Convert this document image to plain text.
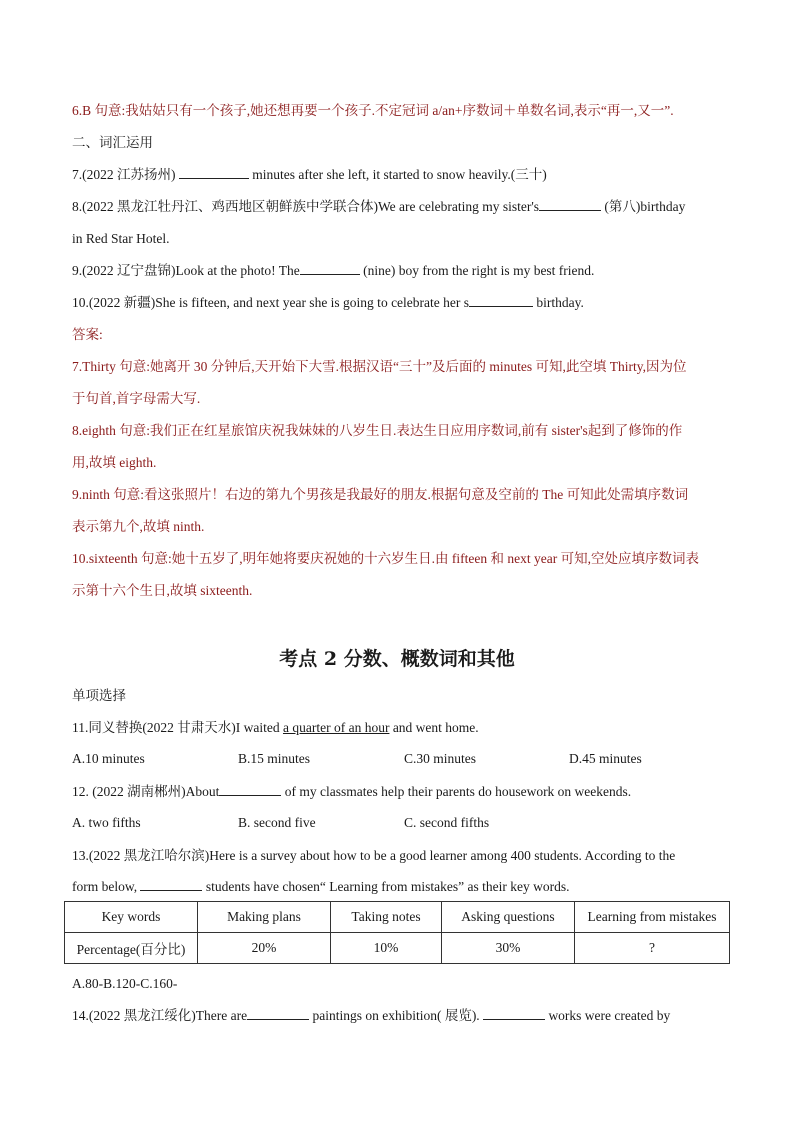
6.B 句意:我姑姑只有一个孩子,她还想再要一个孩子.不定冠词 a/an+序数词＋单数名词,表示“再一,又一”.
二、词汇运用
7.(2022 江苏扬州)	minutes after she left, it started to snow heavily.(三十)
8.(2022 黑龙江牡丹江、鸡西地区朝鲜族中学联合体)We are celebrating my sister's	(第八)birthday
in Red Star Hotel.
9.(2022 辽宁盘锦)Look at the photo! The	(nine) boy from the right is my best friend.
10.(2022 新疆)She is fifteen, and next year she is going to celebrate her s	birthday.
答案:
7.Thirty 句意:她离开 30 分钟后,天开始下大雪.根据汉语“三十”及后面的 minutes 可知,此空填 Thirty,因为位
于句首,首字母需大写.
8.eighth 句意:我们正在红星旅馆庆祝我妹妹的八岁生日.表达生日应用序数词,前有 sister's起到了修饰的作
用,故填 eighth.
9.ninth 句意:看这张照片！右边的第九个男孩是我最好的朋友.根据句意及空前的 The 可知此处需填序数词
表示第九个,故填 ninth.
10.sixteenth 句意:她十五岁了,明年她将要庆祝她的十六岁生日.由 fifteen 和 next year 可知,空处应填序数词表
示第十六个生日,故填 sixteenth.
考点 2 分数、概数词和其他
单项选择
11.同义替换(2022 甘肃天水)I waited a quarter of an hour and went home.
A.10 minutes	B.15 minutes	C.30 minutes	D.45 minutes
12. (2022 湖南郴州)About	of my classmates help their parents do housework on weekends.
A. two fifths	B. second five	C. second fifths
13.(2022 黑龙江哈尔滨)Here is a survey about how to be a good learner among 400 students. According to the
form below,	students have chosen“ Learning from mistakes” as their key words.
Key words	Making plans	Taking notes	Asking questions	Learning from mistakes
Percentage(百分比)	20%	10%	30%	?
A.80-B.120-C.160-
14.(2022 黑龙江绥化)There are	paintings on exhibition( 展览).	works were created by
